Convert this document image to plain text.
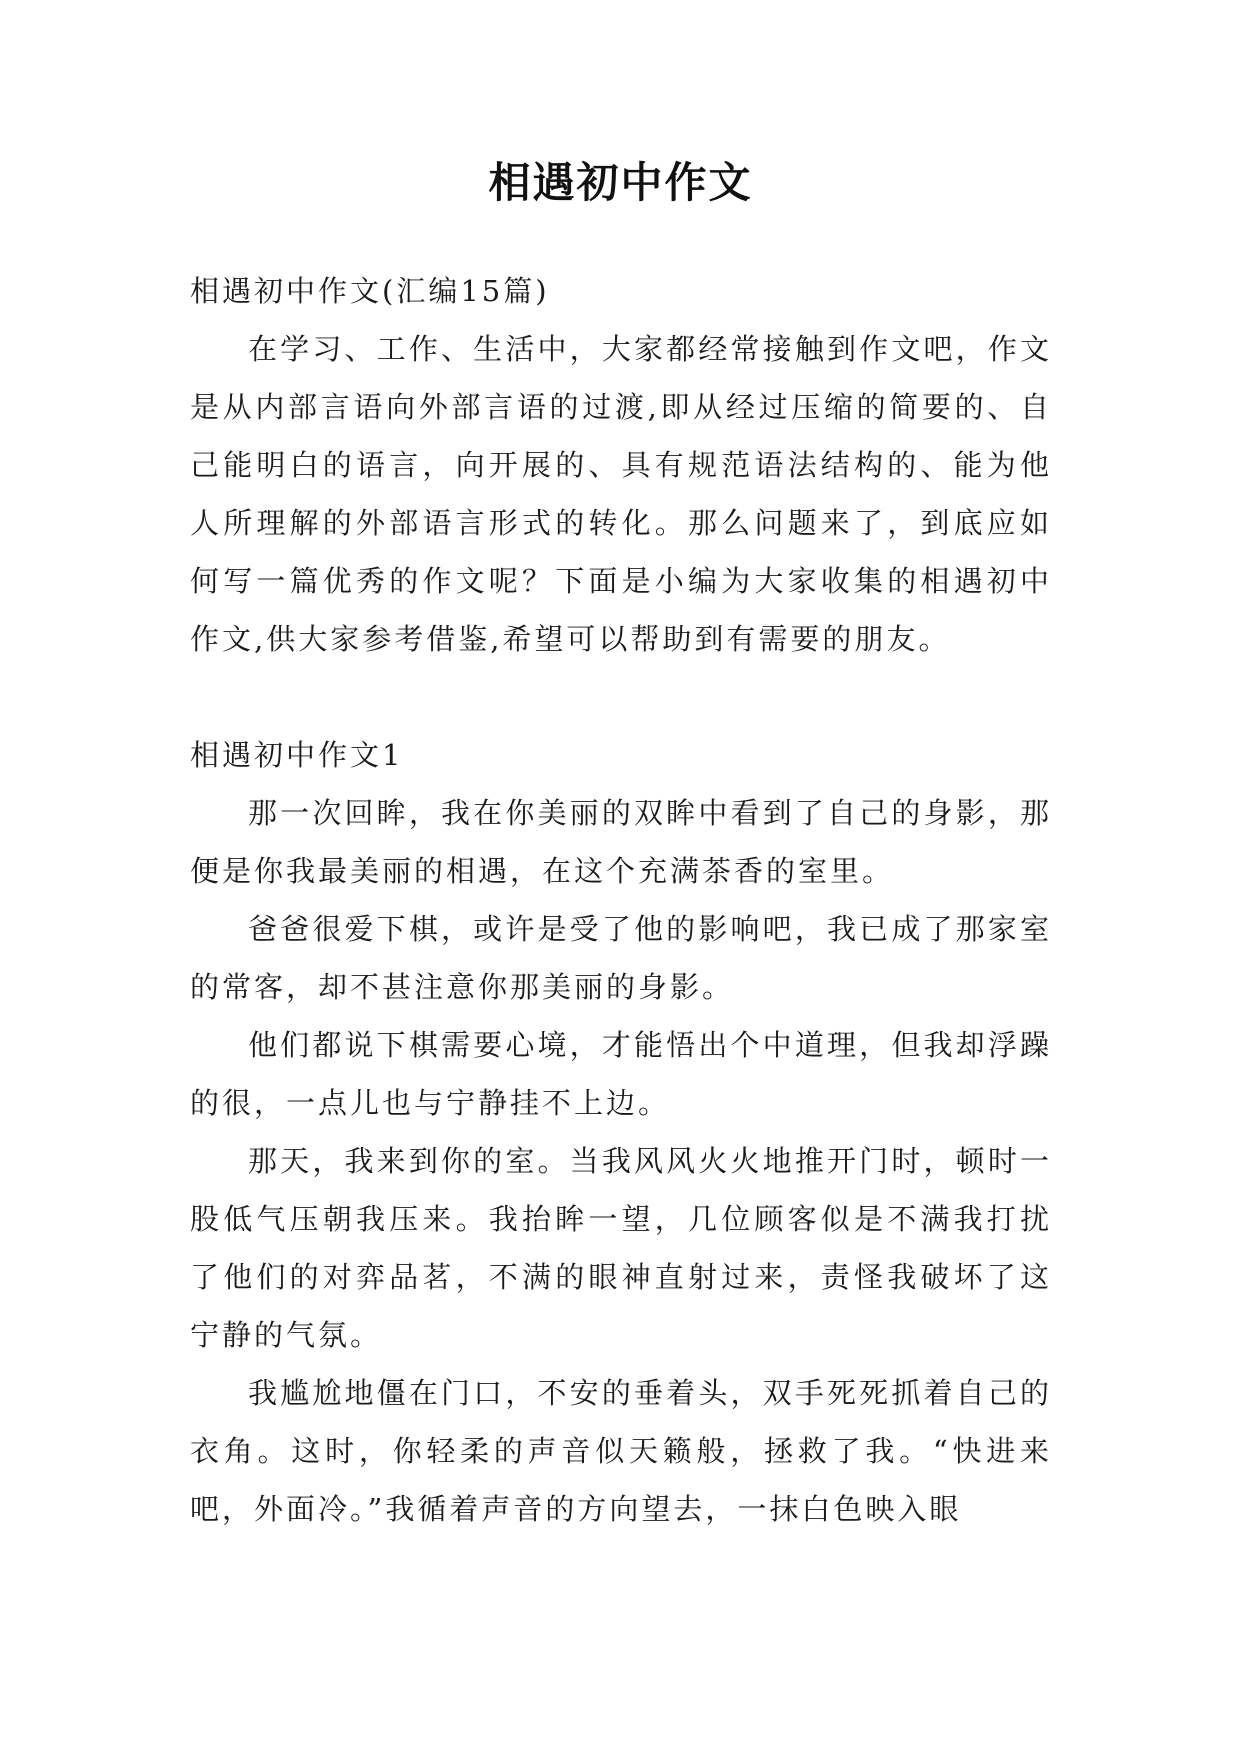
相遇初中作文

相遇初中作文(汇编15篇)

在学习、工作、生活中，大家都经常接触到作文吧，作文是从内部言语向外部言语的过渡,即从经过压缩的简要的、自己能明白的语言，向开展的、具有规范语法结构的、能为他人所理解的外部语言形式的转化。那么问题来了，到底应如何写一篇优秀的作文呢？下面是小编为大家收集的相遇初中作文,供大家参考借鉴,希望可以帮助到有需要的朋友。

相遇初中作文1

那一次回眸，我在你美丽的双眸中看到了自己的身影，那便是你我最美丽的相遇，在这个充满茶香的室里。

爸爸很爱下棋，或许是受了他的影响吧，我已成了那家室的常客，却不甚注意你那美丽的身影。

他们都说下棋需要心境，才能悟出个中道理，但我却浮躁的很，一点儿也与宁静挂不上边。

那天，我来到你的室。当我风风火火地推开门时，顿时一股低气压朝我压来。我抬眸一望，几位顾客似是不满我打扰了他们的对弈品茗，不满的眼神直射过来，责怪我破坏了这宁静的气氛。

我尴尬地僵在门口，不安的垂着头，双手死死抓着自己的衣角。这时，你轻柔的声音似天籁般，拯救了我。“快进来吧，外面冷。”我循着声音的方向望去，一抹白色映入眼
